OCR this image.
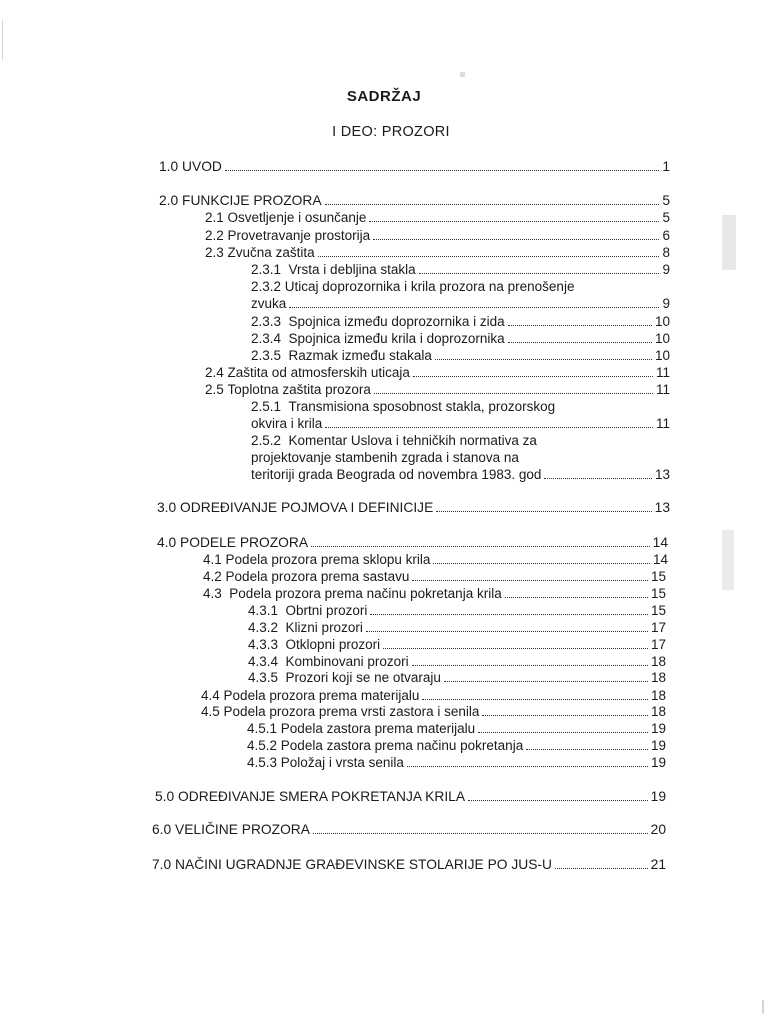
SADRŽAJ
I DEO: PROZORI
1.0 UVOD	1
2.0 FUNKCIJE PROZORA	5
2.1 Osvetljenje i osunčanje	5
2.2 Provetravanje prostorija	6
2.3 Zvučna zaštita	8
2.3.1 Vrsta i debljina stakla	9
2.3.2 Uticaj doprozornika i krila prozora na prenošenje
zvuka	9
2.3.3 Spojnica između doprozornika i zida	10
2.3.4 Spojnica između krila i doprozornika	10
2.3.5 Razmak između stakala	10
2.4 Zaštita od atmosferskih uticaja	11
2.5 Toplotna zaštita prozora	11
2.5.1 Transmisiona sposobnost stakla, prozorskog
okvira i krila	11
2.5.2 Komentar Uslova i tehničkih normativa za
projektovanje stambenih zgrada i stanova na
teritoriji grada Beograda od novembra 1983. god	13
3.0 ODREĐIVANJE POJMOVA I DEFINICIJE	13
4.0 PODELE PROZORA	14
4.1 Podela prozora prema sklopu krila	14
4.2 Podela prozora prema sastavu	15
4.3 Podela prozora prema načinu pokretanja krila	15
4.3.1 Obrtni prozori	15
4.3.2 Klizni prozori	17
4.3.3 Otklopni prozori	17
4.3.4 Kombinovani prozori	18
4.3.5 Prozori koji se ne otvaraju	18
4.4 Podela prozora prema materijalu	18
4.5 Podela prozora prema vrsti zastora i senila	18
4.5.1 Podela zastora prema materijalu	19
4.5.2 Podela zastora prema načinu pokretanja	19
4.5.3 Položaj i vrsta senila	19
5.0 ODREĐIVANJE SMERA POKRETANJA KRILA	19
6.0 VELIČINE PROZORA	20
7.0 NAČINI UGRADNJE GRAĐEVINSKE STOLARIJE PO JUS-U	21
